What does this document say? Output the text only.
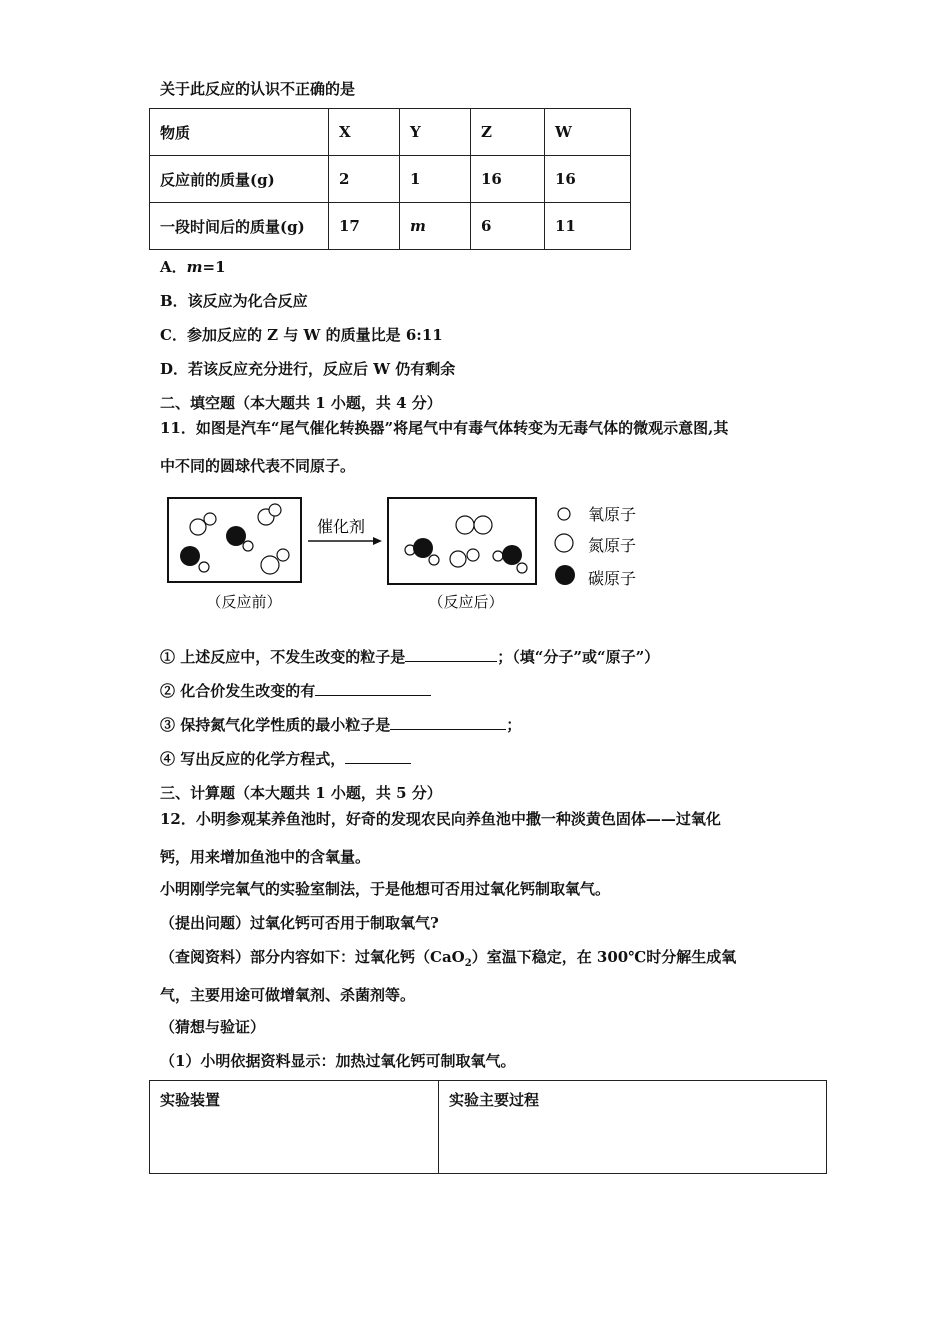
关于此反应的认识不正确的是
物质	X	Y	Z	W
反应前的质量(g)	2	1	16	16
一段时间后的质量(g)	17	m	6	11
A．m=1
B．该反应为化合反应
C．参加反应的 Z 与 W 的质量比是 6:11
D．若该反应充分进行，反应后 W 仍有剩余
二、填空题（本大题共 1 小题，共 4 分）
11．如图是汽车“尾气催化转换器”将尾气中有毒气体转变为无毒气体的微观示意图,其
中不同的圆球代表不同原子。
催化剂
氧原子
氮原子
碳原子
（反应前）	（反应后）
① 上述反应中，不发生改变的粒子是	；（填“分子”或“原子”）
② 化合价发生改变的有
③ 保持氮气化学性质的最小粒子是	；
④ 写出反应的化学方程式，
三、计算题（本大题共 1 小题，共 5 分）
12．小明参观某养鱼池时，好奇的发现农民向养鱼池中撒一种淡黄色固体——过氧化
钙，用来增加鱼池中的含氧量。
小明刚学完氧气的实验室制法，于是他想可否用过氧化钙制取氧气。
（提出问题）过氧化钙可否用于制取氧气?
（查阅资料）部分内容如下：过氧化钙（CaO$_2$）室温下稳定，在 300℃时分解生成氧
气，主要用途可做增氧剂、杀菌剂等。
（猜想与验证）
（1）小明依据资料显示：加热过氧化钙可制取氧气。
实验装置	实验主要过程
